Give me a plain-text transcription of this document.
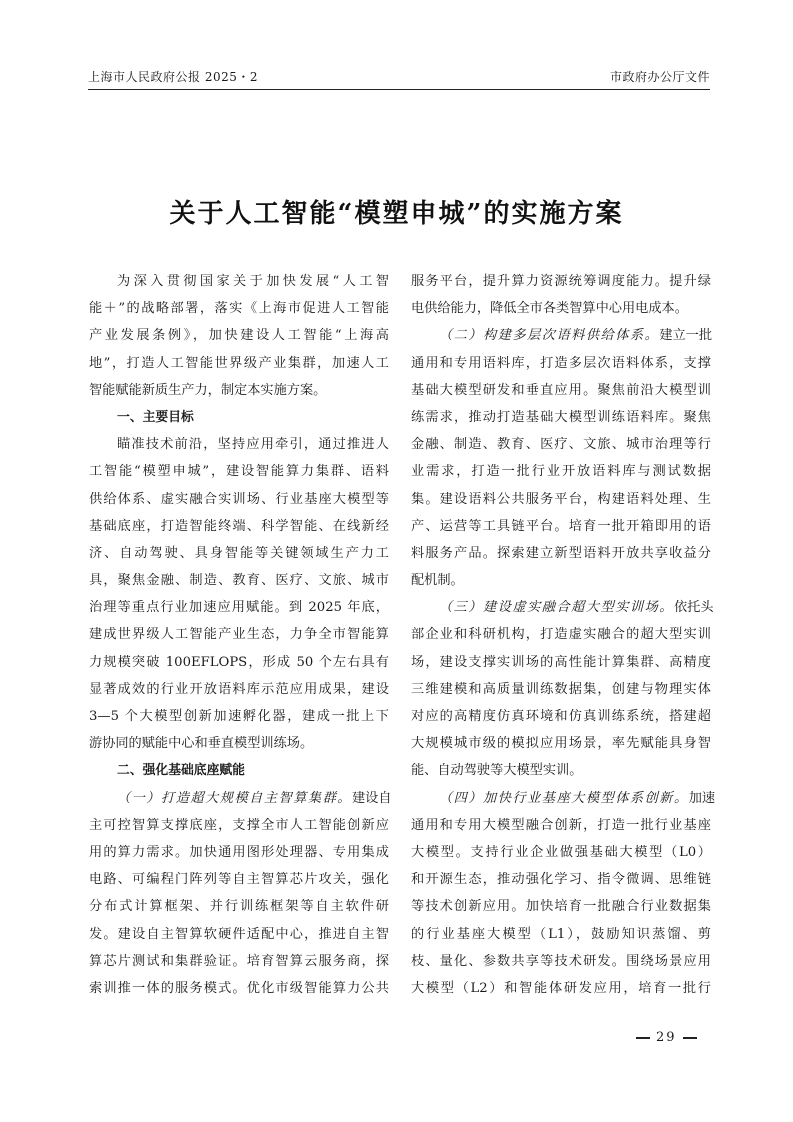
上海市人民政府公报 2025・2	市政府办公厅文件
关于人工智能“模塑申城”的实施方案
为深入贯彻国家关于加快发展“人工智
能＋”的战略部署，落实《上海市促进人工智能
产业发展条例》，加快建设人工智能“上海高
地”，打造人工智能世界级产业集群，加速人工
智能赋能新质生产力，制定本实施方案。
一、主要目标
瞄准技术前沿，坚持应用牵引，通过推进人
工智能“模塑申城”，建设智能算力集群、语料
供给体系、虚实融合实训场、行业基座大模型等
基础底座，打造智能终端、科学智能、在线新经
济、自动驾驶、具身智能等关键领域生产力工
具，聚焦金融、制造、教育、医疗、文旅、城市
治理等重点行业加速应用赋能。到 2025 年底，
建成世界级人工智能产业生态，力争全市智能算
力规模突破 100EFLOPS，形成 50 个左右具有
显著成效的行业开放语料库示范应用成果，建设
3—5 个大模型创新加速孵化器，建成一批上下
游协同的赋能中心和垂直模型训练场。
二、强化基础底座赋能
（一）打造超大规模自主智算集群。建设自
主可控智算支撑底座，支撑全市人工智能创新应
用的算力需求。加快通用图形处理器、专用集成
电路、可编程门阵列等自主智算芯片攻关，强化
分布式计算框架、并行训练框架等自主软件研
发。建设自主智算软硬件适配中心，推进自主智
算芯片测试和集群验证。培育智算云服务商，探
索训推一体的服务模式。优化市级智能算力公共
服务平台，提升算力资源统筹调度能力。提升绿
电供给能力，降低全市各类智算中心用电成本。
（二）构建多层次语料供给体系。建立一批
通用和专用语料库，打造多层次语料体系，支撑
基础大模型研发和垂直应用。聚焦前沿大模型训
练需求，推动打造基础大模型训练语料库。聚焦
金融、制造、教育、医疗、文旅、城市治理等行
业需求，打造一批行业开放语料库与测试数据
集。建设语料公共服务平台，构建语料处理、生
产、运营等工具链平台。培育一批开箱即用的语
料服务产品。探索建立新型语料开放共享收益分
配机制。
（三）建设虚实融合超大型实训场。依托头
部企业和科研机构，打造虚实融合的超大型实训
场，建设支撑实训场的高性能计算集群、高精度
三维建模和高质量训练数据集，创建与物理实体
对应的高精度仿真环境和仿真训练系统，搭建超
大规模城市级的模拟应用场景，率先赋能具身智
能、自动驾驶等大模型实训。
（四）加快行业基座大模型体系创新。加速
通用和专用大模型融合创新，打造一批行业基座
大模型。支持行业企业做强基础大模型（L0）
和开源生态，推动强化学习、指令微调、思维链
等技术创新应用。加快培育一批融合行业数据集
的行业基座大模型（L1），鼓励知识蒸馏、剪
枝、量化、参数共享等技术研发。围绕场景应用
大模型（L2）和智能体研发应用，培育一批行
29
